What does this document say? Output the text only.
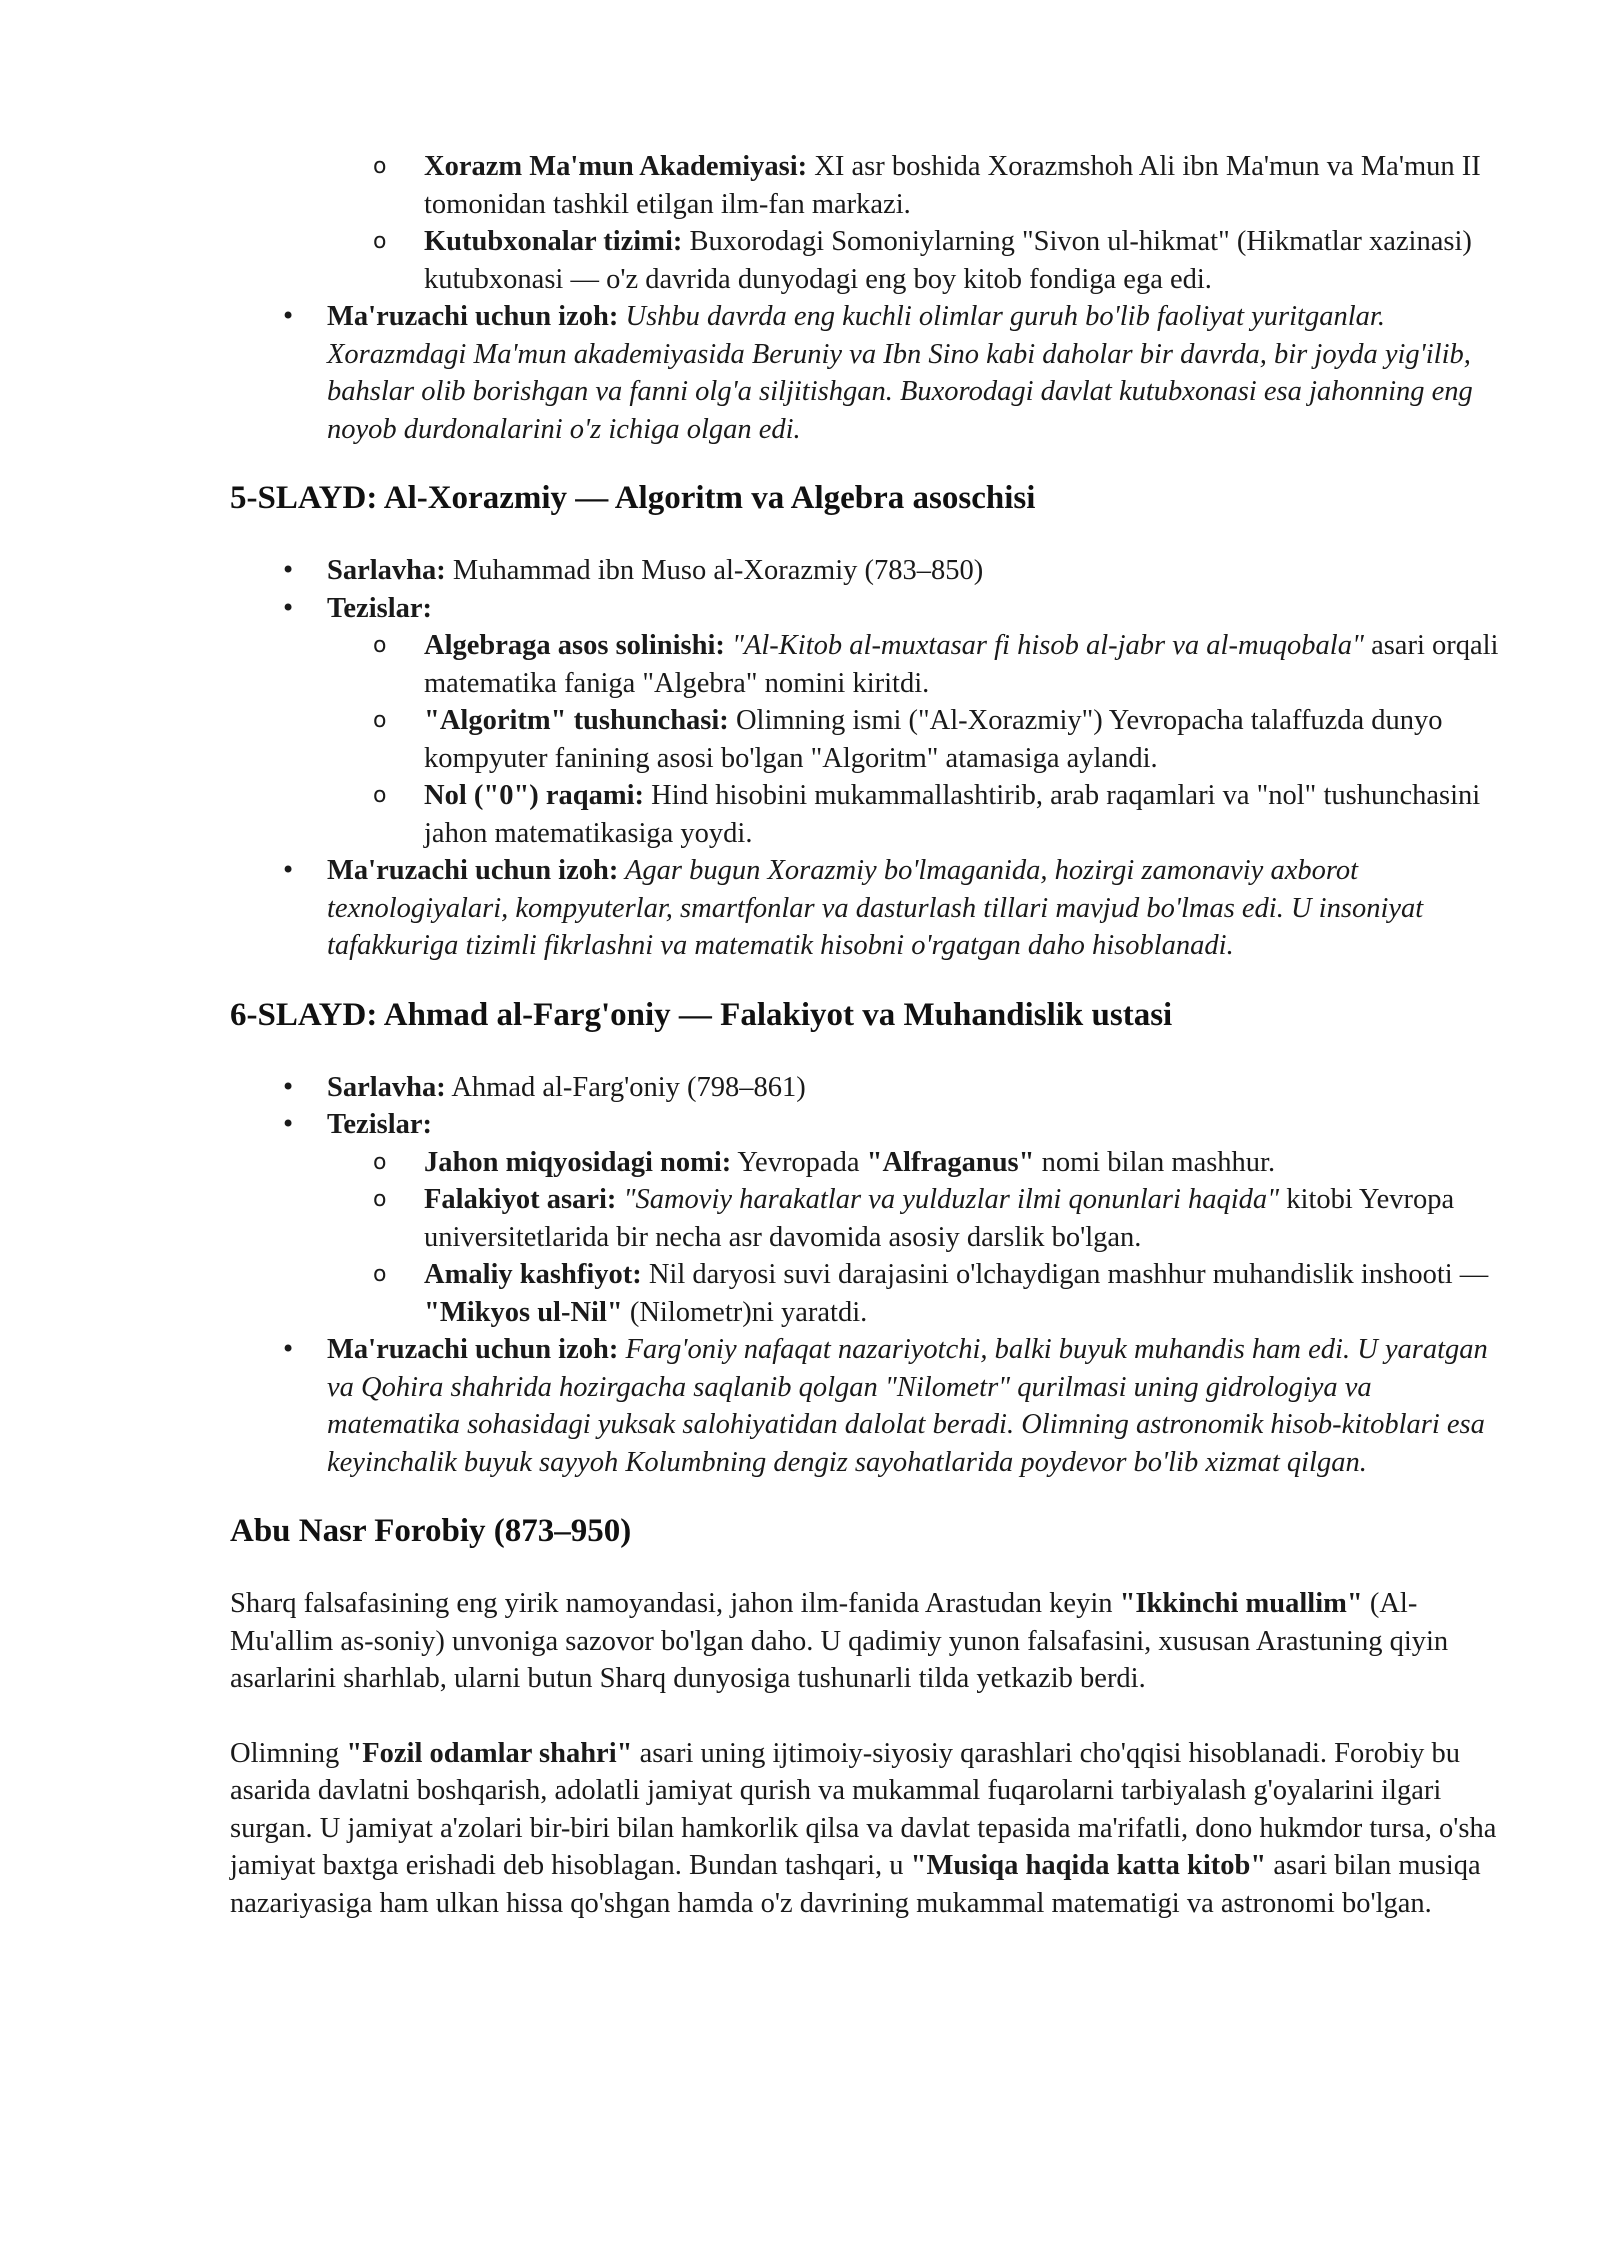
o Xorazm Ma'mun Akademiyasi: XI asr boshida Xorazmshoh Ali ibn Ma'mun va Ma'mun II tomonidan tashkil etilgan ilm-fan markazi.
o Kutubxonalar tizimi: Buxorodagi Somoniylarning "Sivon ul-hikmat" (Hikmatlar xazinasi) kutubxonasi — o'z davrida dunyodagi eng boy kitob fondiga ega edi.
• Ma'ruzachi uchun izoh: Ushbu davrda eng kuchli olimlar guruh bo'lib faoliyat yuritganlar. Xorazmdagi Ma'mun akademiyasida Beruniy va Ibn Sino kabi daholar bir davrda, bir joyda yig'ilib, bahslar olib borishgan va fanni olg'a siljitishgan. Buxorodagi davlat kutubxonasi esa jahonning eng noyob durdonalarini o'z ichiga olgan edi.
5-SLAYD: Al-Xorazmiy — Algoritm va Algebra asoschisi
• Sarlavha: Muhammad ibn Muso al-Xorazmiy (783–850)
• Tezislar:
o Algebraga asos solinishi: "Al-Kitob al-muxtasar fi hisob al-jabr va al-muqobala" asari orqali matematika faniga "Algebra" nomini kiritdi.
o "Algoritm" tushunchasi: Olimning ismi ("Al-Xorazmiy") Yevropacha talaffuzda dunyo kompyuter fanining asosi bo'lgan "Algoritm" atamasiga aylandi.
o Nol ("0") raqami: Hind hisobini mukammallashtirib, arab raqamlari va "nol" tushunchasini jahon matematikasiga yoydi.
• Ma'ruzachi uchun izoh: Agar bugun Xorazmiy bo'lmaganida, hozirgi zamonaviy axborot texnologiyalari, kompyuterlar, smartfonlar va dasturlash tillari mavjud bo'lmas edi. U insoniyat tafakkuriga tizimli fikrlashni va matematik hisobni o'rgatgan daho hisoblanadi.
6-SLAYD: Ahmad al-Farg'oniy — Falakiyot va Muhandislik ustasi
• Sarlavha: Ahmad al-Farg'oniy (798–861)
• Tezislar:
o Jahon miqyosidagi nomi: Yevropada "Alfraganus" nomi bilan mashhur.
o Falakiyot asari: "Samoviy harakatlar va yulduzlar ilmi qonunlari haqida" kitobi Yevropa universitetlarida bir necha asr davomida asosiy darslik bo'lgan.
o Amaliy kashfiyot: Nil daryosi suvi darajasini o'lchaydigan mashhur muhandislik inshooti — "Mikyos ul-Nil" (Nilometr)ni yaratdi.
• Ma'ruzachi uchun izoh: Farg'oniy nafaqat nazariyotchi, balki buyuk muhandis ham edi. U yaratgan va Qohira shahrida hozirgacha saqlanib qolgan "Nilometr" qurilmasi uning gidrologiya va matematika sohasidagi yuksak salohiyatidan dalolat beradi. Olimning astronomik hisob-kitoblari esa keyinchalik buyuk sayyoh Kolumbning dengiz sayohatlarida poydevor bo'lib xizmat qilgan.
Abu Nasr Forobiy (873–950)

Sharq falsafasining eng yirik namoyandasi, jahon ilm-fanida Arastudan keyin "Ikkinchi muallim" (Al-Mu'allim as-soniy) unvoniga sazovor bo'lgan daho. U qadimiy yunon falsafasini, xususan Arastuning qiyin asarlarini sharhlab, ularni butun Sharq dunyosiga tushunarli tilda yetkazib berdi.

Olimning "Fozil odamlar shahri" asari uning ijtimoiy-siyosiy qarashlari cho'qqisi hisoblanadi. Forobiy bu asarida davlatni boshqarish, adolatli jamiyat qurish va mukammal fuqarolarni tarbiyalash g'oyalarini ilgari surgan. U jamiyat a'zolari bir-biri bilan hamkorlik qilsa va davlat tepasida ma'rifatli, dono hukmdor tursa, o'sha jamiyat baxtga erishadi deb hisoblagan. Bundan tashqari, u "Musiqa haqida katta kitob" asari bilan musiqa nazariyasiga ham ulkan hissa qo'shgan hamda o'z davrining mukammal matematigi va astronomi bo'lgan.
